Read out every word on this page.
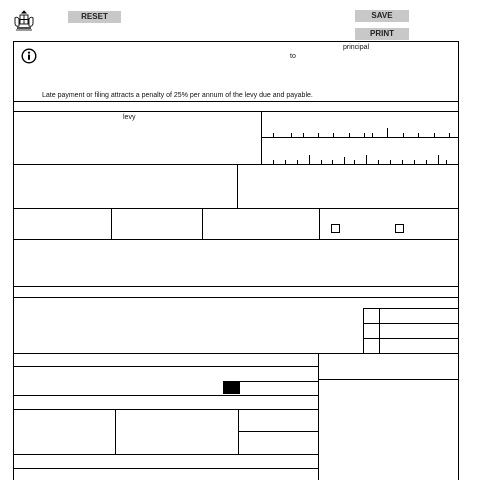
RESET	SAVE
PRINT
principal
to
Late payment or filing attracts a penalty of 25% per annum of the levy due and payable.
levy
